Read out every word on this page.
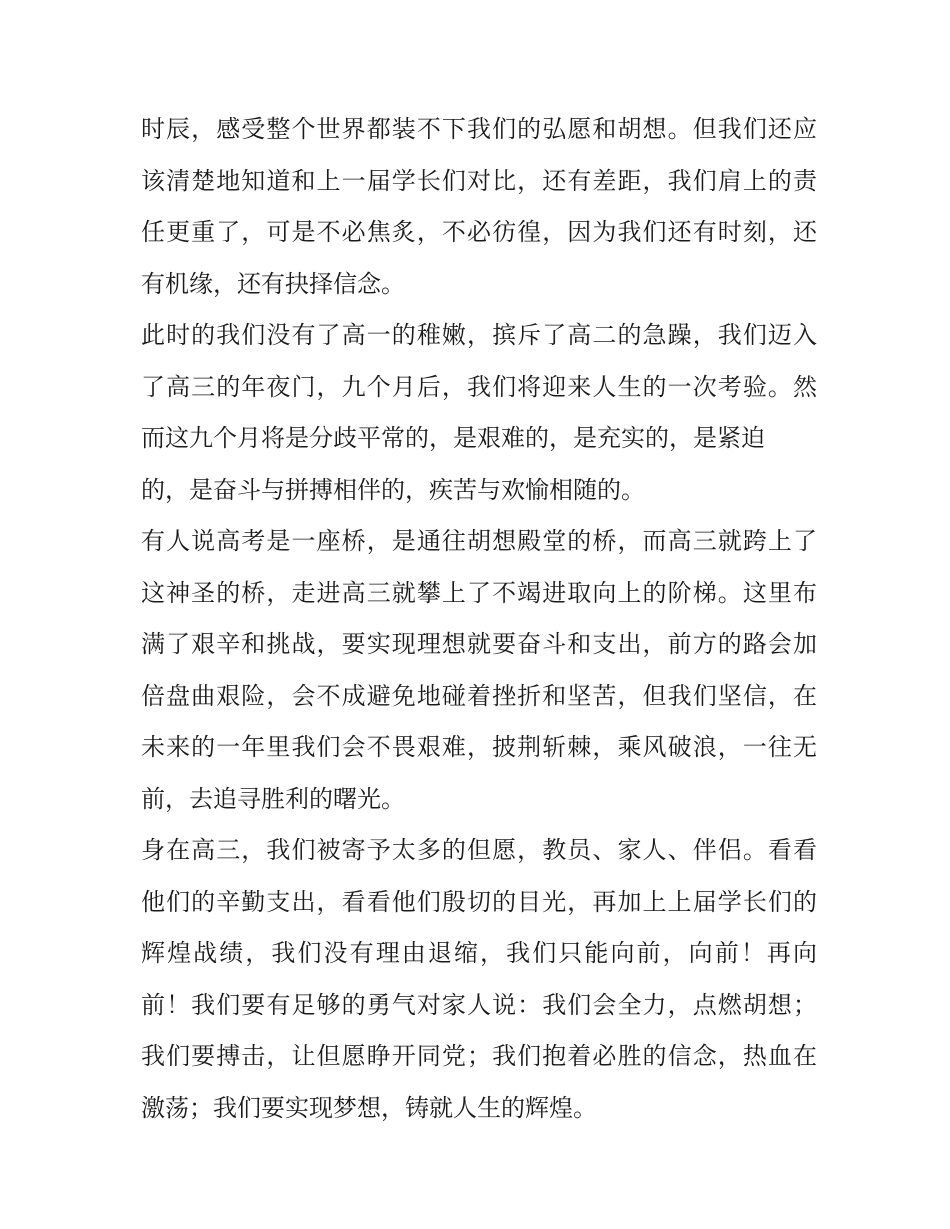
时辰，感受整个世界都装不下我们的弘愿和胡想。但我们还应
该清楚地知道和上一届学长们对比，还有差距，我们肩上的责
任更重了，可是不必焦炙，不必彷徨，因为我们还有时刻，还
有机缘，还有抉择信念。
此时的我们没有了高一的稚嫩，摈斥了高二的急躁，我们迈入
了高三的年夜门，九个月后，我们将迎来人生的一次考验。然
而这九个月将是分歧平常的，是艰难的，是充实的，是紧迫
的，是奋斗与拼搏相伴的，疾苦与欢愉相随的。
有人说高考是一座桥，是通往胡想殿堂的桥，而高三就跨上了
这神圣的桥，走进高三就攀上了不竭进取向上的阶梯。这里布
满了艰辛和挑战，要实现理想就要奋斗和支出，前方的路会加
倍盘曲艰险，会不成避免地碰着挫折和坚苦，但我们坚信，在
未来的一年里我们会不畏艰难，披荆斩棘，乘风破浪，一往无
前，去追寻胜利的曙光。
身在高三，我们被寄予太多的但愿，教员、家人、伴侣。看看
他们的辛勤支出，看看他们殷切的目光，再加上上届学长们的
辉煌战绩，我们没有理由退缩，我们只能向前，向前！再向
前！我们要有足够的勇气对家人说：我们会全力，点燃胡想；
我们要搏击，让但愿睁开同党；我们抱着必胜的信念，热血在
激荡；我们要实现梦想，铸就人生的辉煌。
